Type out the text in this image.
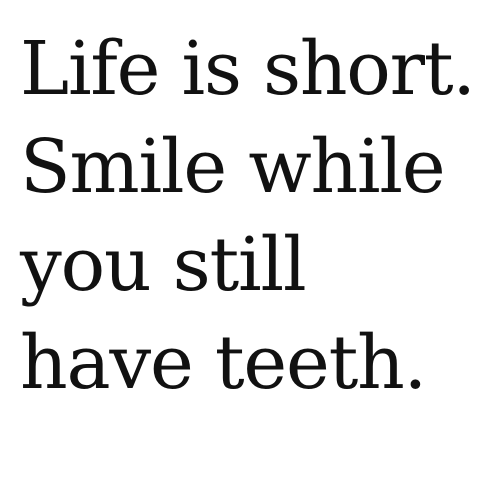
Life is short.
Smile while
you still
have teeth.
